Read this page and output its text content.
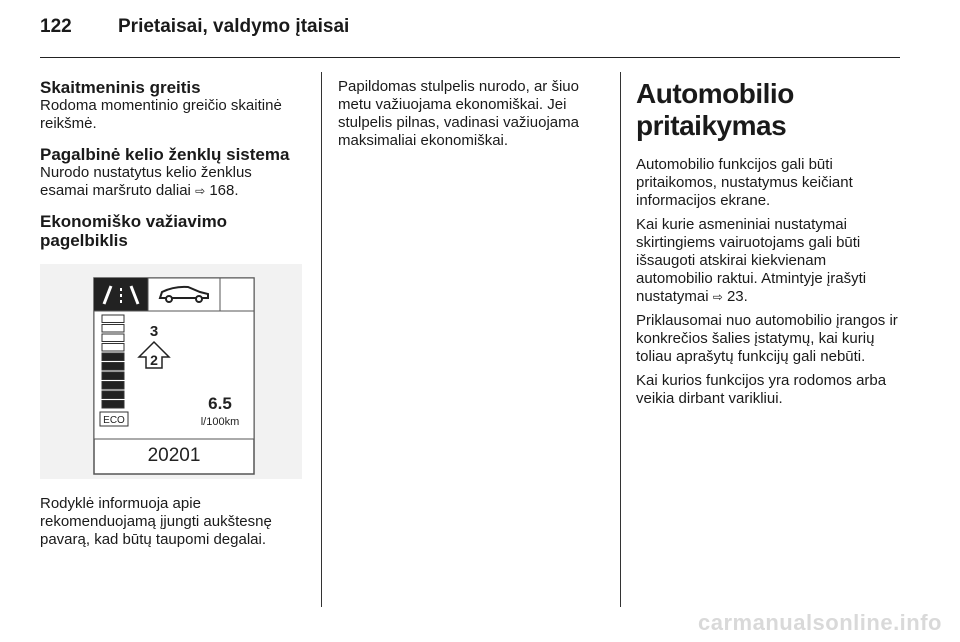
122 Prietaisai, valdymo įtaisai
Skaitmeninis greitis

Rodoma momentinio greičio skaitinė reikšmė.

Pagalbinė kelio ženklų sistema

Nurodo nustatytus kelio ženklus esamai maršruto daliai ⇨ 168.

Ekonomiško važiavimo pagelbiklis
ECO
3
2
6.5
l/100km
20201

Rodyklė informuoja apie rekomenduojamą įjungti aukštesnę pavarą, kad būtų taupomi degalai.

Papildomas stulpelis nurodo, ar šiuo metu važiuojama ekonomiškai. Jei stulpelis pilnas, vadinasi važiuojama maksimaliai ekonomiškai.

Automobilio pritaikymas

Automobilio funkcijos gali būti pritaikomos, nustatymus keičiant informacijos ekrane.

Kai kurie asmeniniai nustatymai skirtingiems vairuotojams gali būti išsaugoti atskirai kiekvienam automobilio raktui. Atmintyje įrašyti nustatymai ⇨ 23.

Priklausomai nuo automobilio įrangos ir konkrečios šalies įstatymų, kai kurių toliau aprašytų funkcijų gali nebūti.

Kai kurios funkcijos yra rodomos arba veikia dirbant varikliui.

carmanualsonline.info
